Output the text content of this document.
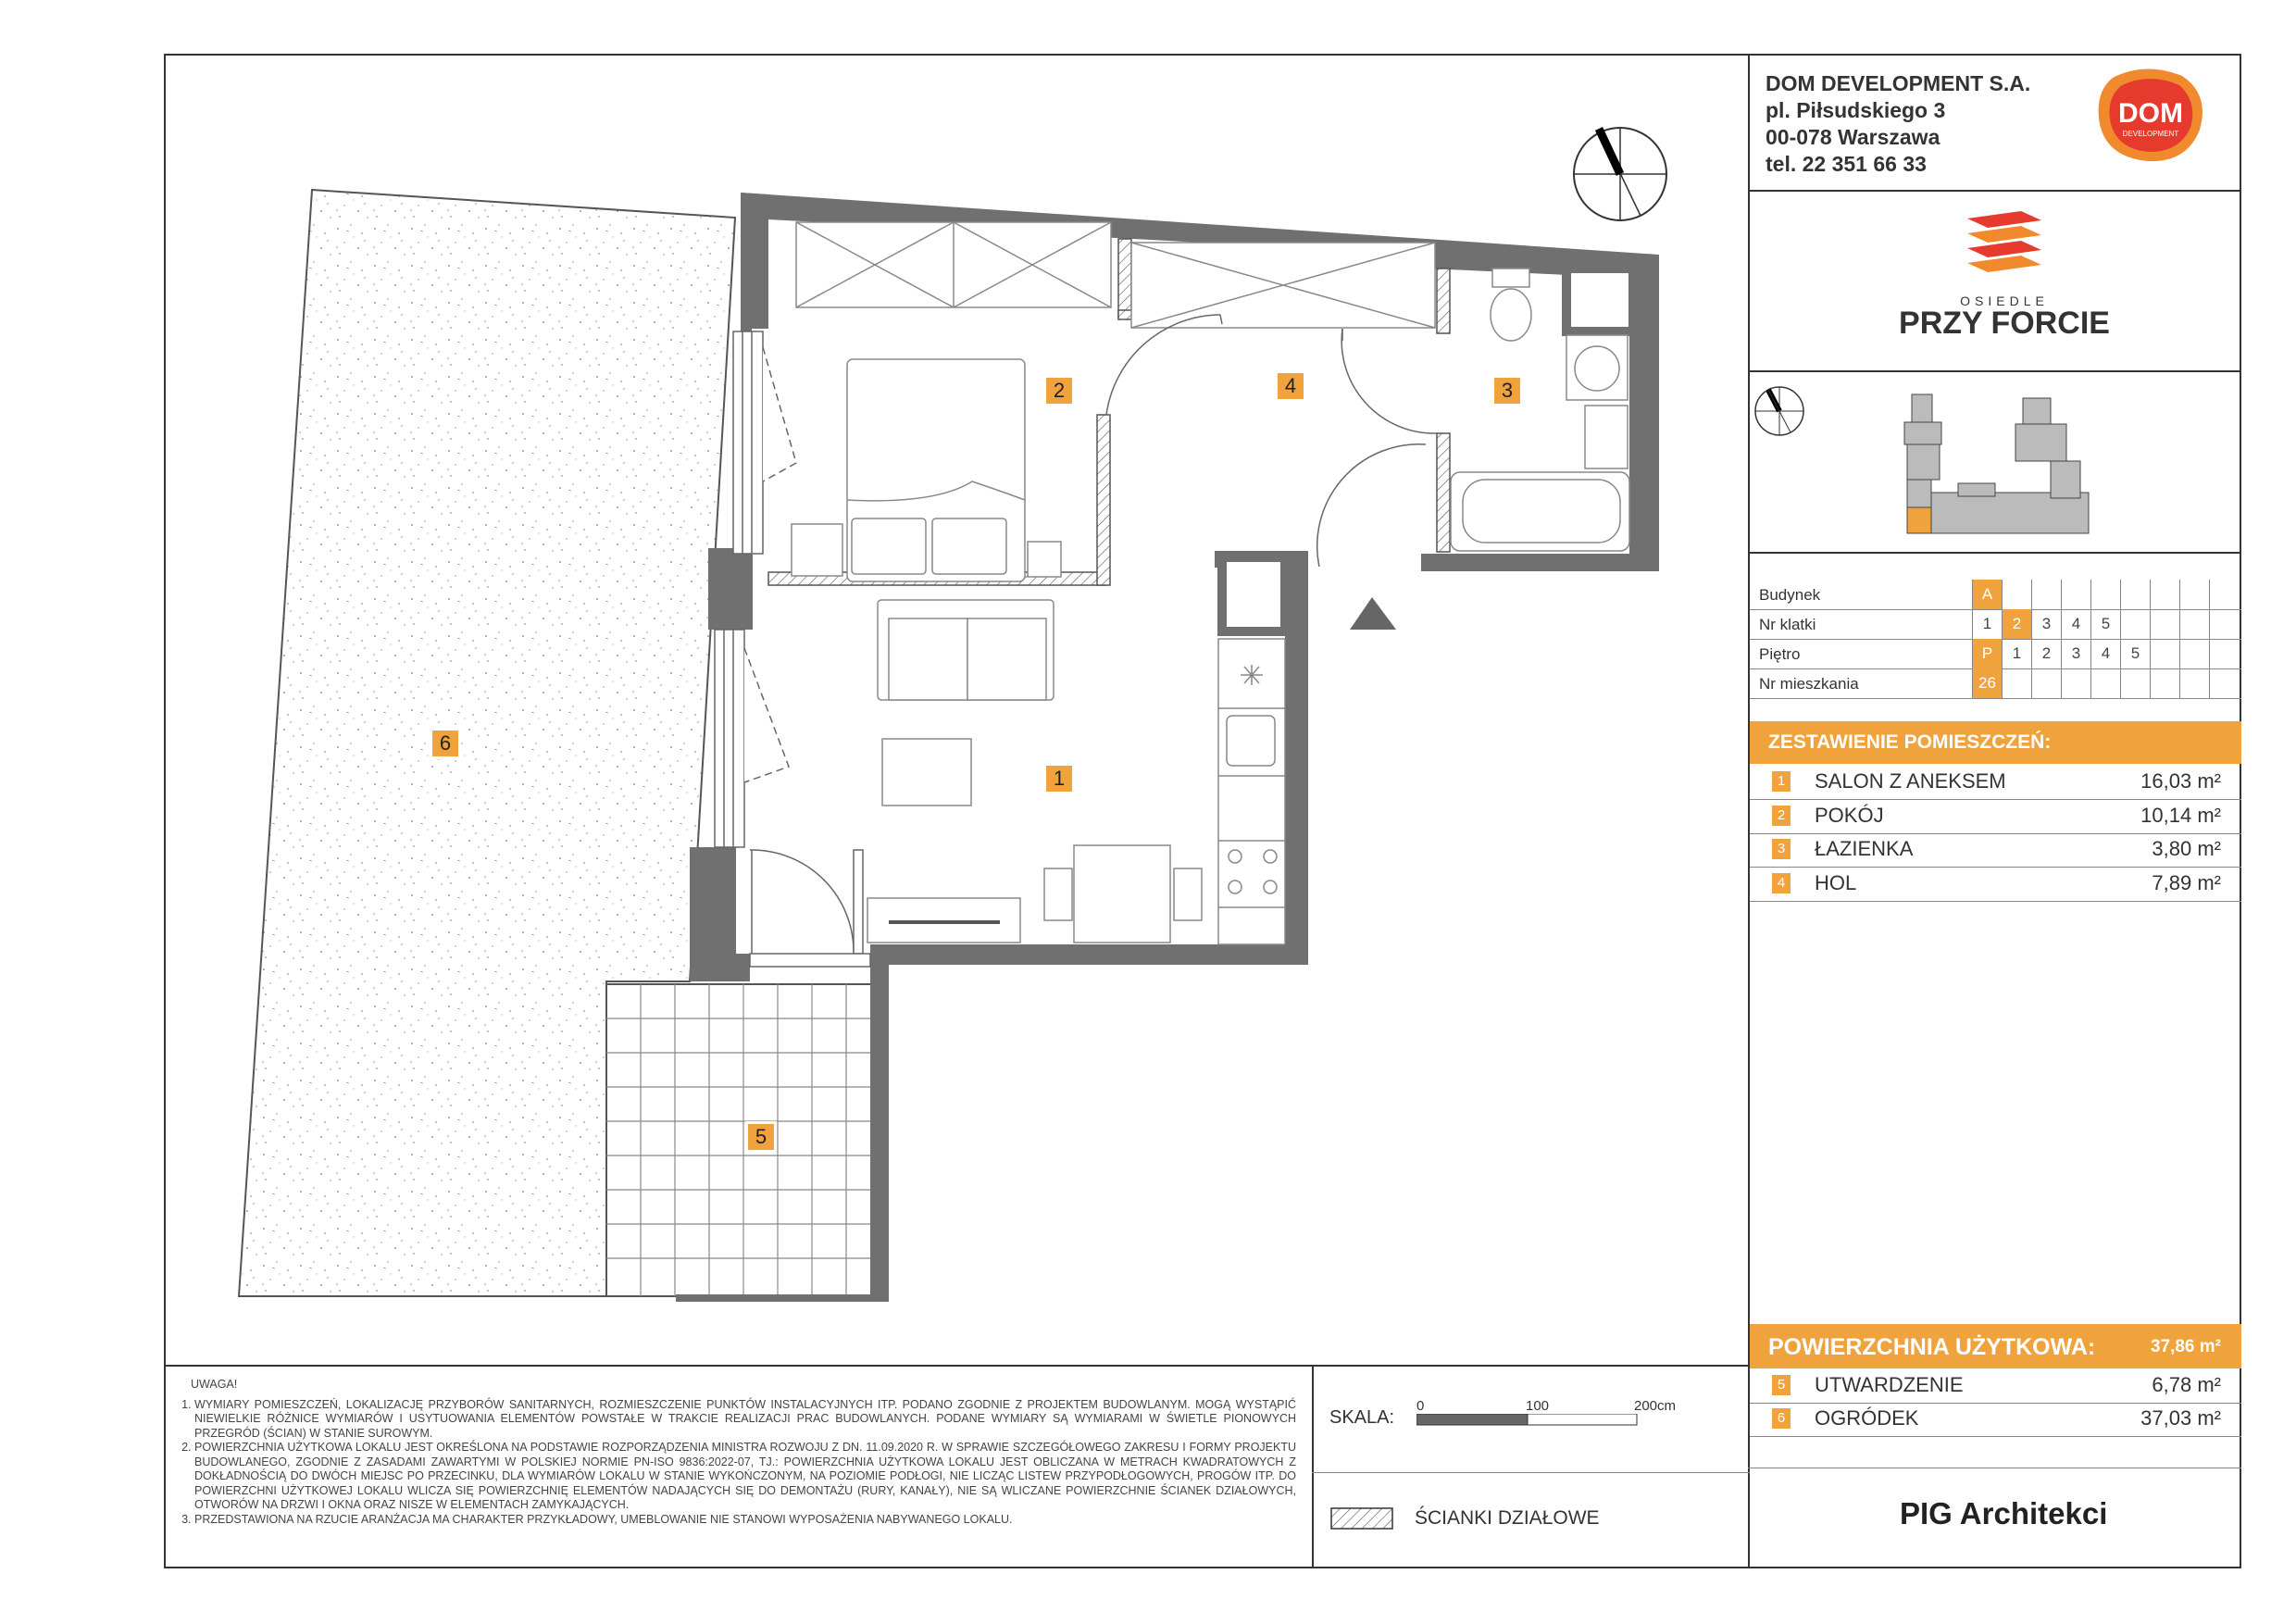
1
2	3
4
5
6
DOM DEVELOPMENT S.A.
pl. Piłsudskiego 3
00-078 Warszawa
tel. 22 351 66 33
DOM
DEVELOPMENT
OSIEDLE
PRZY FORCIE
Budynek	A
Nr klatki	1	2	3	4	5
Piętro	P	1	2	3	4	5
Nr mieszkania	26
ZESTAWIENIE POMIESZCZEŃ:
1 SALON Z ANEKSEM	16,03 m²
2 POKÓJ	10,14 m²
3 ŁAZIENKA	3,80 m²
4 HOL	7,89 m²
POWIERZCHNIA UŻYTKOWA:	37,86 m²
5 UTWARDZENIE	6,78 m²
6 OGRÓDEK	37,03 m²
UWAGA!
1. WYMIARY POMIESZCZEŃ, LOKALIZACJĘ PRZYBORÓW SANITARNYCH, ROZMIESZCZENIE PUNKTÓW INSTALACYJNYCH ITP. PODANO ZGODNIE Z PROJEKTEM BUDOWLANYM. MOGĄ WYSTĄPIĆ NIEWIELKIE RÓŻNICE WYMIARÓW I USYTUOWANIA ELEMENTÓW POWSTAŁE W TRAKCIE REALIZACJI PRAC BUDOWLANYCH. PODANE WYMIARY SĄ WYMIARAMI W ŚWIETLE PIONOWYCH PRZEGRÓD (ŚCIAN) W STANIE SUROWYM.
2. POWIERZCHNIA UŻYTKOWA LOKALU JEST OKREŚLONA NA PODSTAWIE ROZPORZĄDZENIA MINISTRA ROZWOJU Z DN. 11.09.2020 R. W SPRAWIE SZCZEGÓŁOWEGO ZAKRESU I FORMY PROJEKTU BUDOWLANEGO, ZGODNIE Z ZASADAMI ZAWARTYMI W POLSKIEJ NORMIE PN-ISO 9836:2022-07, TJ.: POWIERZCHNIA UŻYTKOWA LOKALU JEST OBLICZANA W METRACH KWADRATOWYCH Z DOKŁADNOŚCIĄ DO DWÓCH MIEJSC PO PRZECINKU, DLA WYMIARÓW LOKALU W STANIE WYKOŃCZONYM, NA POZIOMIE PODŁOGI, NIE LICZĄC LISTEW PRZYPODŁOGOWYCH, PROGÓW ITP. DO POWIERZCHNI UŻYTKOWEJ LOKALU WLICZA SIĘ POWIERZCHNIĘ ELEMENTÓW NADAJĄCYCH SIĘ DO DEMONTAŻU (RURY, KANAŁY), NIE SĄ WLICZANE POWIERZCHNIE ŚCIANEK DZIAŁOWYCH, OTWORÓW NA DRZWI I OKNA ORAZ NISZE W ELEMENTACH ZAMYKAJĄCYCH.
3. PRZEDSTAWIONA NA RZUCIE ARANŻACJA MA CHARAKTER PRZYKŁADOWY, UMEBLOWANIE NIE STANOWI WYPOSAŻENIA NABYWANEGO LOKALU.
SKALA:
0	100	200cm
ŚCIANKI DZIAŁOWE	PIG Architekci
